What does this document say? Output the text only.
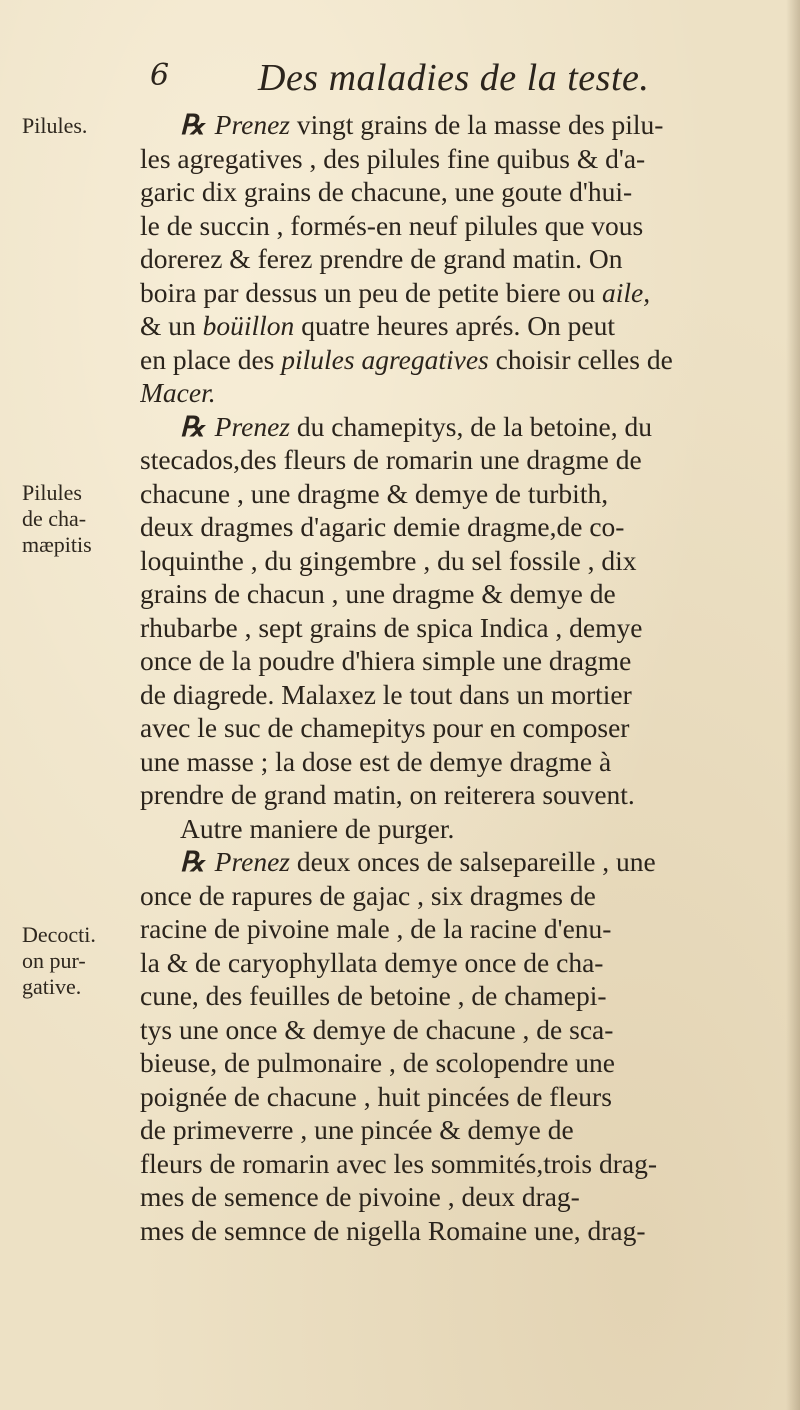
6 Des maladies de la teste.
Pilules.
Pilules
de cha-
mæpitis
Decocti.
on pur-
gative.
℞ Prenez vingt grains de la masse des pilu-
les agregatives , des pilules fine quibus & d'a-
garic dix grains de chacune, une goute d'hui-
le de succin , formés-en neuf pilules que vous
dorerez & ferez prendre de grand matin. On
boira par dessus un peu de petite biere ou aile,
& un boüillon quatre heures aprés. On peut
en place des pilules agregatives choisir celles de
Macer.
℞ Prenez du chamepitys, de la betoine, du
stecados,des fleurs de romarin une dragme de
chacune , une dragme & demye de turbith,
deux dragmes d'agaric demie dragme,de co-
loquinthe , du gingembre , du sel fossile , dix
grains de chacun , une dragme & demye de
rhubarbe , sept grains de spica Indica , demye
once de la poudre d'hiera simple une dragme
de diagrede. Malaxez le tout dans un mortier
avec le suc de chamepitys pour en composer
une masse ; la dose est de demye dragme à
prendre de grand matin, on reiterera souvent.
Autre maniere de purger.
℞ Prenez deux onces de salsepareille , une
once de rapures de gajac , six dragmes de
racine de pivoine male , de la racine d'enu-
la & de caryophyllata demye once de cha-
cune, des feuilles de betoine , de chamepi-
tys une once & demye de chacune , de sca-
bieuse, de pulmonaire , de scolopendre une
poignée de chacune , huit pincées de fleurs
de primeverre , une pincée & demye de
fleurs de romarin avec les sommités,trois drag-
mes de semence de pivoine , deux drag-
mes de semnce de nigella Romaine une, drag-
